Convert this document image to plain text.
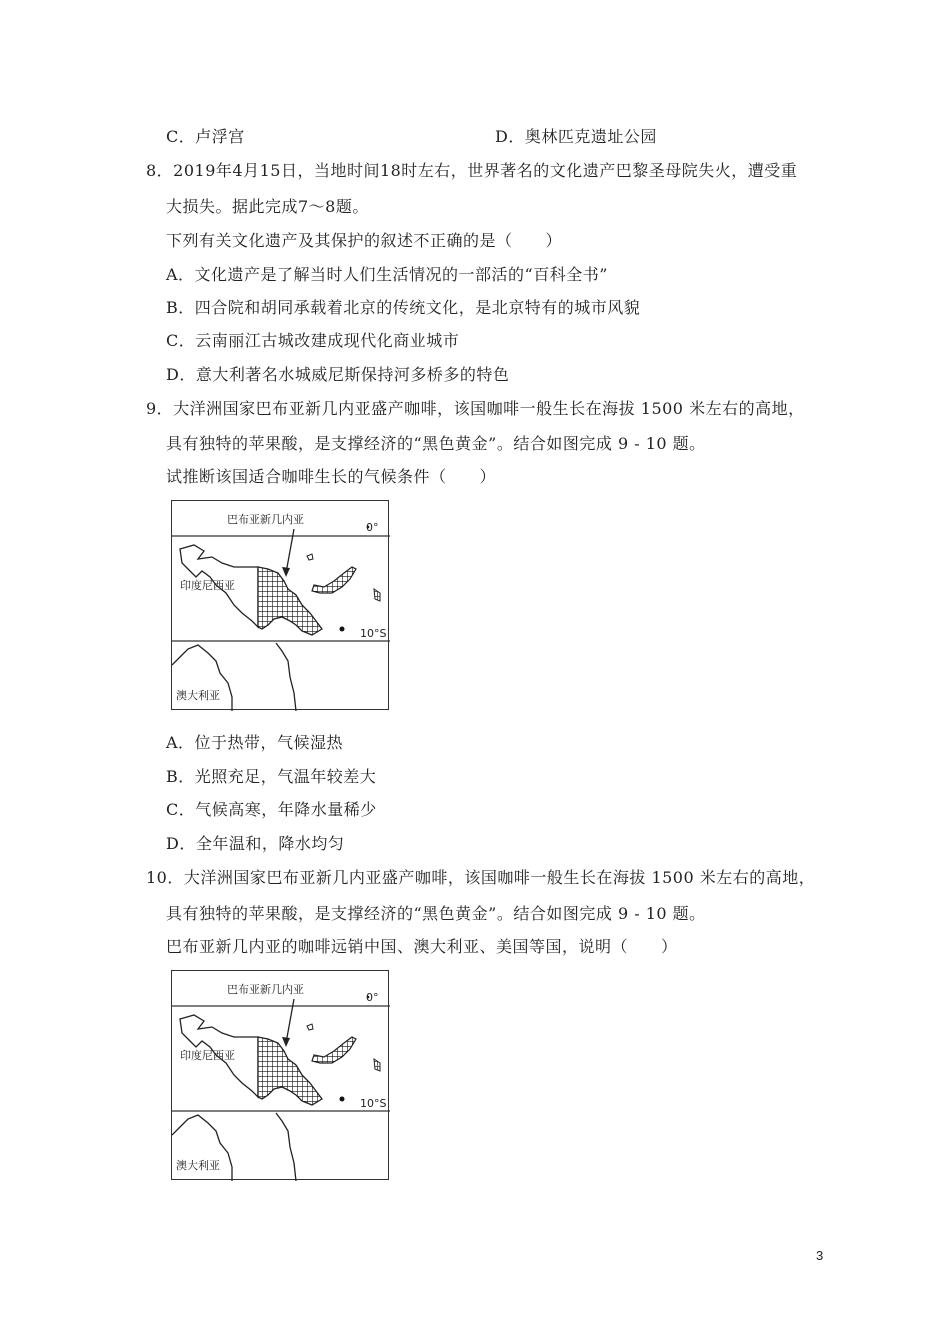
C．卢浮宫	D．奥林匹克遗址公园
8．2019年4月15日，当地时间18时左右，世界著名的文化遗产巴黎圣母院失火，遭受重
大损失。据此完成7～8题。
下列有关文化遗产及其保护的叙述不正确的是（　　）
A．文化遗产是了解当时人们生活情况的一部活的“百科全书”
B．四合院和胡同承载着北京的传统文化，是北京特有的城市风貌
C．云南丽江古城改建成现代化商业城市
D．意大利著名水城威尼斯保持河多桥多的特色
9．大洋洲国家巴布亚新几内亚盛产咖啡，该国咖啡一般生长在海拔 1500 米左右的高地，
具有独特的苹果酸，是支撑经济的“黑色黄金”。结合如图完成 9 - 10 题。
试推断该国适合咖啡生长的气候条件（　　）
巴布亚新几内亚
0°
印度尼西亚
10°S
澳大利亚
A．位于热带，气候湿热
B．光照充足，气温年较差大
C．气候高寒，年降水量稀少
D．全年温和，降水均匀
10．大洋洲国家巴布亚新几内亚盛产咖啡，该国咖啡一般生长在海拔 1500 米左右的高地，
具有独特的苹果酸，是支撑经济的“黑色黄金”。结合如图完成 9 - 10 题。
巴布亚新几内亚的咖啡远销中国、澳大利亚、美国等国，说明（　　）
巴布亚新几内亚
0°
印度尼西亚
10°S
澳大利亚
3
